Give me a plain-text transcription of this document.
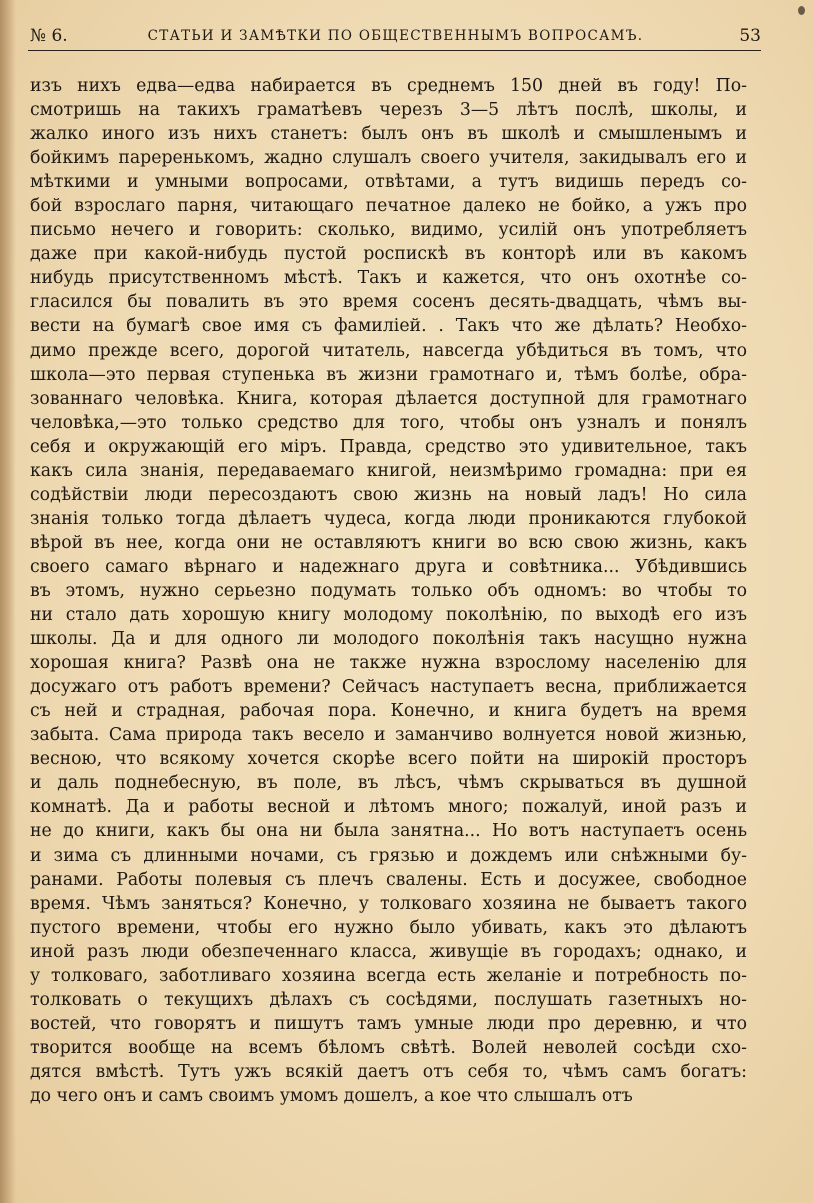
№ 6.	СТАТЬИ И ЗАМѢТКИ ПО ОБЩЕСТВЕННЫМЪ ВОПРОСАМЪ.	53
изъ нихъ едва—едва набирается въ среднемъ 150 дней въ году! По-
смотришь на такихъ граматѣевъ черезъ 3—5 лѣтъ послѣ, школы, и
жалко иного изъ нихъ станетъ: былъ онъ въ школѣ и смышленымъ и
бойкимъ пареренькомъ, жадно слушалъ своего учителя, закидывалъ его и
мѣткими и умными вопросами, отвѣтами, а тутъ видишь передъ со-
бой взрослаго парня, читающаго печатное далеко не бойко, а ужъ про
письмо нечего и говорить: сколько, видимо, усилій онъ употребляетъ
даже при какой-нибудь пустой роспискѣ въ конторѣ или въ какомъ
нибудь присутственномъ мѣстѣ. Такъ и кажется, что онъ охотнѣе со-
гласился бы повалить въ это время сосенъ десять-двадцать, чѣмъ вы-
вести на бумагѣ свое имя съ фамиліей. . Такъ что же дѣлать? Необхо-
димо прежде всего, дорогой читатель, навсегда убѣдиться въ томъ, что
школа—это первая ступенька въ жизни грамотнаго и, тѣмъ болѣе, обра-
зованнаго человѣка. Книга, которая дѣлается доступной для грамотнаго
человѣка,—это только средство для того, чтобы онъ узналъ и понялъ
себя и окружающій его міръ. Правда, средство это удивительное, такъ
какъ сила знанія, передаваемаго книгой, неизмѣримо громадна: при ея
содѣйствіи люди пересоздаютъ свою жизнь на новый ладъ! Но сила
знанія только тогда дѣлаетъ чудеса, когда люди проникаются глубокой
вѣрой въ нее, когда они не оставляютъ книги во всю свою жизнь, какъ
своего самаго вѣрнаго и надежнаго друга и совѣтника... Убѣдившись
въ этомъ, нужно серьезно подумать только объ одномъ: во чтобы то
ни стало дать хорошую книгу молодому поколѣнію, по выходѣ его изъ
школы. Да и для одного ли молодого поколѣнія такъ насущно нужна
хорошая книга? Развѣ она не также нужна взрослому населенію для
досужаго отъ работъ времени? Сейчасъ наступаетъ весна, приближается
съ ней и страдная, рабочая пора. Конечно, и книга будетъ на время
забыта. Сама природа такъ весело и заманчиво волнуется новой жизнью,
весною, что всякому хочется скорѣе всего пойти на широкій просторъ
и даль поднебесную, въ поле, въ лѣсъ, чѣмъ скрываться въ душной
комнатѣ. Да и работы весной и лѣтомъ много; пожалуй, иной разъ и
не до книги, какъ бы она ни была занятна... Но вотъ наступаетъ осень
и зима съ длинными ночами, съ грязью и дождемъ или снѣжными бу-
ранами. Работы полевыя съ плечъ свалены. Есть и досужее, свободное
время. Чѣмъ заняться? Конечно, у толковаго хозяина не бываетъ такого
пустого времени, чтобы его нужно было убивать, какъ это дѣлаютъ
иной разъ люди обезпеченнаго класса, живущіе въ городахъ; однако, и
у толковаго, заботливаго хозяина всегда есть желаніе и потребность по-
толковать о текущихъ дѣлахъ съ сосѣдями, послушать газетныхъ но-
востей, что говорятъ и пишутъ тамъ умные люди про деревню, и что
творится вообще на всемъ бѣломъ свѣтѣ. Волей неволей сосѣди схо-
дятся вмѣстѣ. Тутъ ужъ всякій даетъ отъ себя то, чѣмъ самъ богатъ:
до чего онъ и самъ своимъ умомъ дошелъ, а кое что слышалъ отъ
